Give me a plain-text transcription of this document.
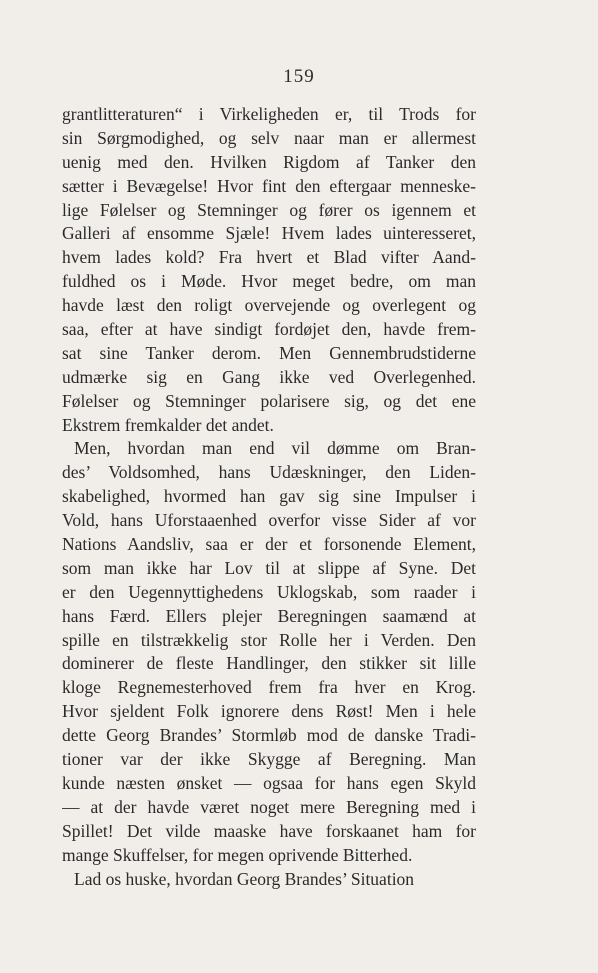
159
grantlitteraturen“ i Virkeligheden er, til Trods for
sin Sørgmodighed, og selv naar man er allermest
uenig med den. Hvilken Rigdom af Tanker den
sætter i Bevægelse! Hvor fint den eftergaar menneske-
lige Følelser og Stemninger og fører os igennem et
Galleri af ensomme Sjæle! Hvem lades uinteresseret,
hvem lades kold? Fra hvert et Blad vifter Aand-
fuldhed os i Møde. Hvor meget bedre, om man
havde læst den roligt overvejende og overlegent og
saa, efter at have sindigt fordøjet den, havde frem-
sat sine Tanker derom. Men Gennembrudstiderne
udmærke sig en Gang ikke ved Overlegenhed.
Følelser og Stemninger polarisere sig, og det ene
Ekstrem fremkalder det andet.
Men, hvordan man end vil dømme om Bran-
des’ Voldsomhed, hans Udæskninger, den Liden-
skabelighed, hvormed han gav sig sine Impulser i
Vold, hans Uforstaaenhed overfor visse Sider af vor
Nations Aandsliv, saa er der et forsonende Element,
som man ikke har Lov til at slippe af Syne. Det
er den Uegennyttighedens Uklogskab, som raader i
hans Færd. Ellers plejer Beregningen saamænd at
spille en tilstrækkelig stor Rolle her i Verden. Den
dominerer de fleste Handlinger, den stikker sit lille
kloge Regnemesterhoved frem fra hver en Krog.
Hvor sjeldent Folk ignorere dens Røst! Men i hele
dette Georg Brandes’ Stormløb mod de danske Tradi-
tioner var der ikke Skygge af Beregning. Man
kunde næsten ønsket — ogsaa for hans egen Skyld
— at der havde været noget mere Beregning med i
Spillet! Det vilde maaske have forskaanet ham for
mange Skuffelser, for megen oprivende Bitterhed.
Lad os huske, hvordan Georg Brandes’ Situation
